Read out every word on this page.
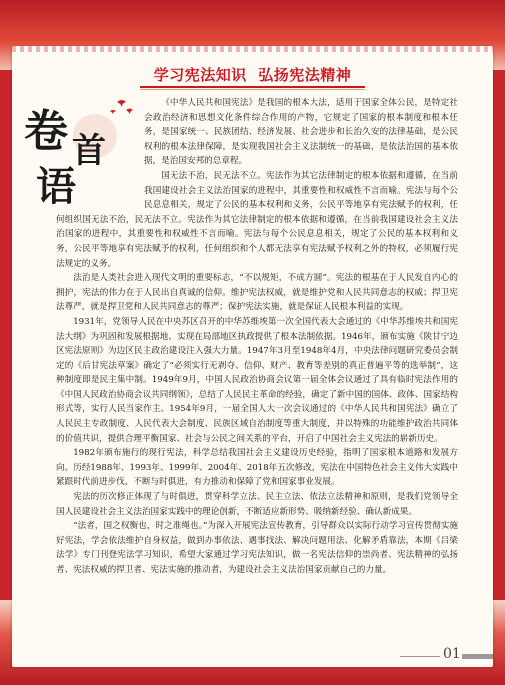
学习宪法知识  弘扬宪法精神
卷 首
语

《中华人民共和国宪法》是我国的根本大法，适用于国家全体公民，是特定社会政治经济和思想文化条件综合作用的产物，它规定了国家的根本制度和根本任务，是国家统一、民族团结、经济发展、社会进步和长治久安的法律基础，是公民权利的根本法律保障，是实现我国社会主义法制统一的基础，是依法治国的基本依据，是治国安邦的总章程。

国无法不治，民无法不立。宪法作为其它法律制定的根本依据和遵循，在当前我国建设社会主义法治国家的进程中，其重要性和权威性不言而喻。宪法与每个公民息息相关，规定了公民的基本权利和义务，公民平等地享有宪法赋予的权利，任何组织国无法不治，民无法不立。宪法作为其它法律制定的根本依据和遵循，在当前我国建设社会主义法治国家的进程中，其重要性和权威性不言而喻。宪法与每个公民息息相关，规定了公民的基本权利和义务，公民平等地享有宪法赋予的权利，任何组织和个人都无法享有宪法赋予权利之外的特权，必须履行宪法规定的义务。

法治是人类社会进入现代文明的重要标志，“不以规矩，不成方圆”。宪法的根基在于人民发自内心的拥护，宪法的伟力在于人民出自真诚的信仰。维护宪法权威，就是维护党和人民共同意志的权威；捍卫宪法尊严，就是捍卫党和人民共同意志的尊严；保护宪法实施，就是保证人民根本利益的实现。

1931年，党领导人民在中央苏区召开的中华苏维埃第一次全国代表大会通过的《中华苏维埃共和国宪法大纲》为巩固和发展根据地、实现在局部地区执政提供了根本法制依据。1946年，颁布实施《陕甘宁边区宪法原则》为边区民主政治建设注入强大力量。1947年3月至1948年4月，中央法律问题研究委员会制定的《后甘宪法草案》确定了“必须实行无剥夺、信仰、财产、教育等差别的真正普遍平等的选举制”，这种制度即是民主集中制。1949年9月，中国人民政治协商会议第一届全体会议通过了具有临时宪法作用的《中国人民政治协商会议共同纲领》，总结了人民民主革命的经验，确定了新中国的国体、政体、国家结构形式等，实行人民当家作主。1954年9月，一届全国人大一次会议通过的《中华人民共和国宪法》确立了人民民主专政制度、人民代表大会制度、民族区域自治制度等重大制度，并以特殊的功能维护政治共同体的价值共识，提供合理平衡国家、社会与公民之间关系的平台，开启了中国社会主义宪法的崭新历史。

1982年颁布施行的现行宪法，科学总结我国社会主义建设历史经验，指明了国家根本道路和发展方向。历经1988年、1993年、1999年、2004年、2018年五次修改，宪法在中国特色社会主义伟大实践中紧跟时代前进步伐，不断与时俱进，有力推动和保障了党和国家事业发展。

宪法的历次修正体现了与时俱进，贯穿科学立法、民主立法、依法立法精神和原则，是我们党领导全国人民建设社会主义法治国家实践中的理论创新，不断适应新形势、吸纳新经验、确认新成果。

“法者，国之权衡也，时之准绳也。”为深入开展宪法宣传教育，引导群众以实际行动学习宣传贯彻实施好宪法，学会依法维护自身权益，做到办事依法、遇事找法、解决问题用法、化解矛盾靠法，本期《吕梁法学》专门刊登宪法学习知识，希望大家通过学习宪法知识，做一名宪法信仰的崇尚者、宪法精神的弘扬者、宪法权威的捍卫者、宪法实施的推动者，为建设社会主义法治国家贡献自己的力量。

01
